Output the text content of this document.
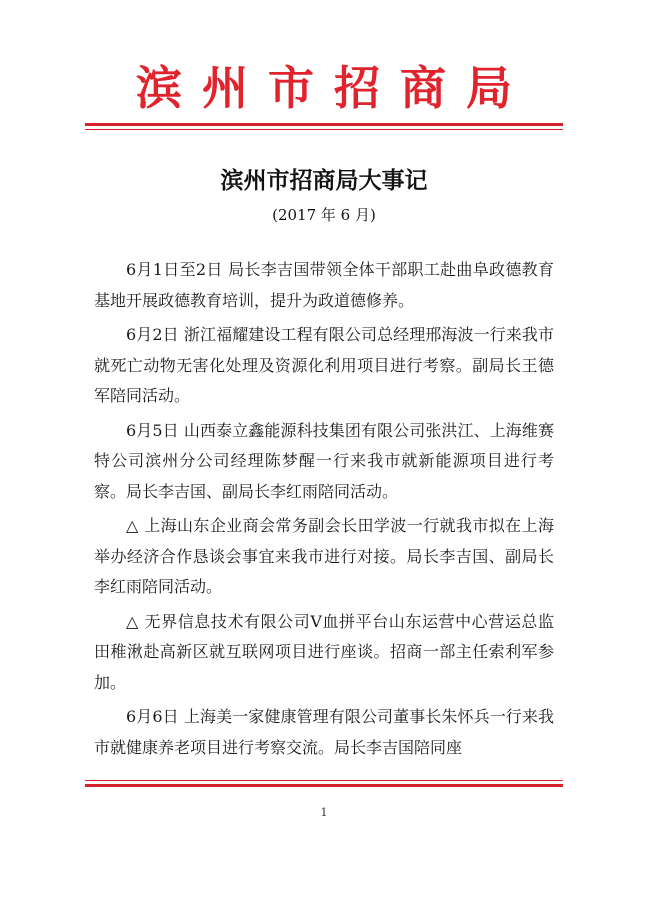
滨州市招商局
滨州市招商局大事记
(2017 年 6 月)

6月1日至2日 局长李吉国带领全体干部职工赴曲阜政德教育基地开展政德教育培训，提升为政道德修养。

6月2日 浙江福耀建设工程有限公司总经理邢海波一行来我市就死亡动物无害化处理及资源化利用项目进行考察。副局长王德军陪同活动。

6月5日 山西泰立鑫能源科技集团有限公司张洪江、上海维赛特公司滨州分公司经理陈梦醒一行来我市就新能源项目进行考察。局长李吉国、副局长李红雨陪同活动。

△ 上海山东企业商会常务副会长田学波一行就我市拟在上海举办经济合作恳谈会事宜来我市进行对接。局长李吉国、副局长李红雨陪同活动。

△ 无界信息技术有限公司V血拼平台山东运营中心营运总监田稚湫赴高新区就互联网项目进行座谈。招商一部主任索利军参加。

6月6日 上海美一家健康管理有限公司董事长朱怀兵一行来我市就健康养老项目进行考察交流。局长李吉国陪同座

1
